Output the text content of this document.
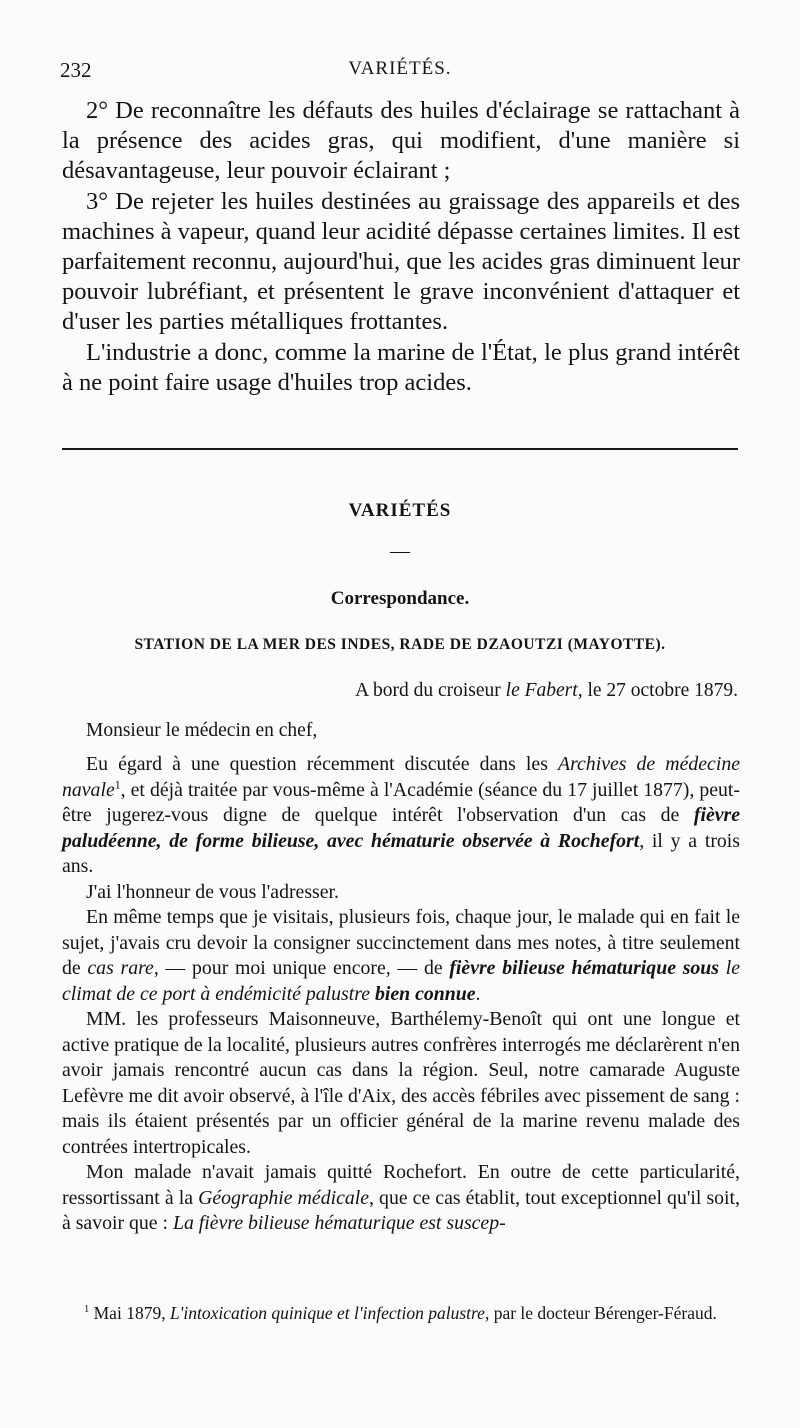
232	VARIÉTÉS.

2° De reconnaître les défauts des huiles d'éclairage se rattachant à la présence des acides gras, qui modifient, d'une manière si désavantageuse, leur pouvoir éclairant ;

3° De rejeter les huiles destinées au graissage des appareils et des machines à vapeur, quand leur acidité dépasse certaines limites. Il est parfaitement reconnu, aujourd'hui, que les acides gras diminuent leur pouvoir lubréfiant, et présentent le grave inconvénient d'attaquer et d'user les parties métalliques frottantes.

L'industrie a donc, comme la marine de l'État, le plus grand intérêt à ne point faire usage d'huiles trop acides.

VARIÉTÉS
—
Correspondance.
STATION DE LA MER DES INDES, RADE DE DZAOUTZI (MAYOTTE).
A bord du croiseur le Fabert, le 27 octobre 1879.
Monsieur le médecin en chef,

Eu égard à une question récemment discutée dans les Archives de médecine navale$^1$, et déjà traitée par vous-même à l'Académie (séance du 17 juillet 1877), peut-être jugerez-vous digne de quelque intérêt l'observation d'un cas de fièvre paludéenne, de forme bilieuse, avec hématurie observée à Rochefort, il y a trois ans.

J'ai l'honneur de vous l'adresser.

En même temps que je visitais, plusieurs fois, chaque jour, le malade qui en fait le sujet, j'avais cru devoir la consigner succinctement dans mes notes, à titre seulement de cas rare, — pour moi unique encore, — de fièvre bilieuse hématurique sous le climat de ce port à endémicité palustre bien connue.

MM. les professeurs Maisonneuve, Barthélemy-Benoît qui ont une longue et active pratique de la localité, plusieurs autres confrères interrogés me déclarèrent n'en avoir jamais rencontré aucun cas dans la région. Seul, notre camarade Auguste Lefèvre me dit avoir observé, à l'île d'Aix, des accès fébriles avec pissement de sang : mais ils étaient présentés par un officier général de la marine revenu malade des contrées intertropicales.

Mon malade n'avait jamais quitté Rochefort. En outre de cette particularité, ressortissant à la Géographie médicale, que ce cas établit, tout exceptionnel qu'il soit, à savoir que : La fièvre bilieuse hématurique est suscep-

$^1$ Mai 1879, L'intoxication quinique et l'infection palustre, par le docteur Bérenger-Féraud.
